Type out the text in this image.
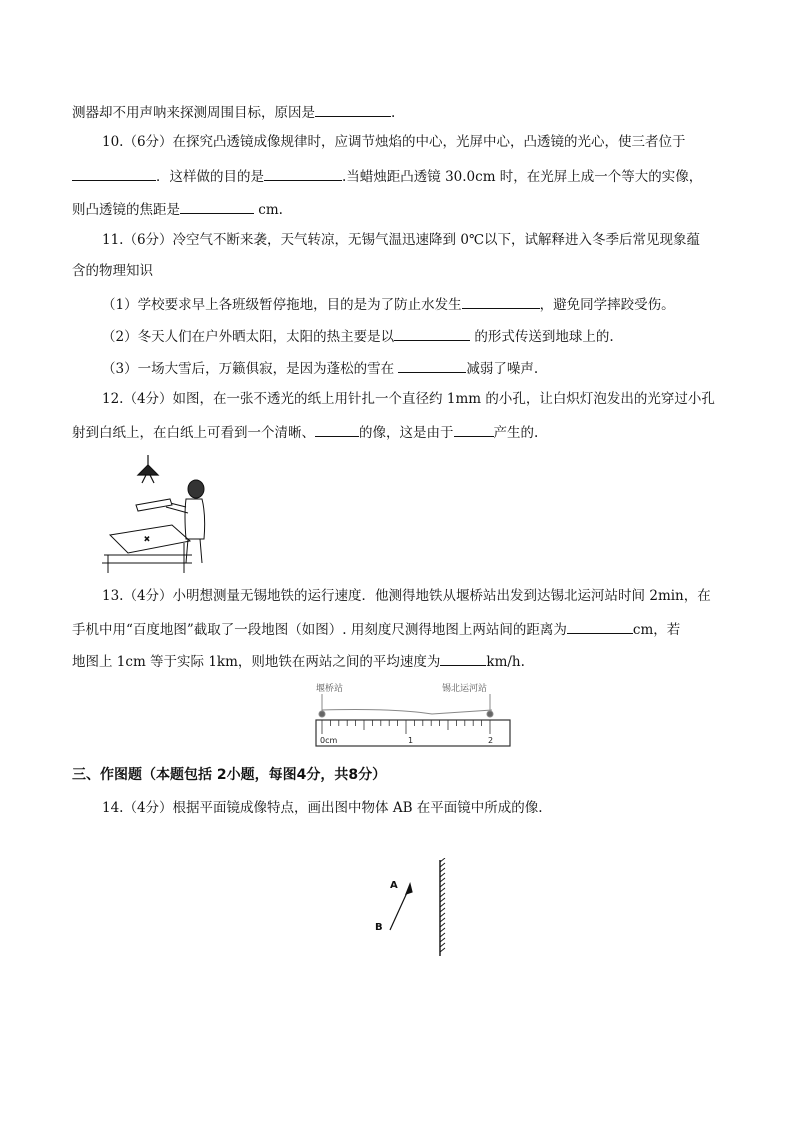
测器却不用声呐来探测周围目标，原因是	.
10.（6分）在探究凸透镜成像规律时，应调节烛焰的中心，光屏中心，凸透镜的光心，使三者位于
．这样做的目的是	.当蜡烛距凸透镜 30.0cm 时，在光屏上成一个等大的实像，
则凸透镜的焦距是	cm.
11.（6分）冷空气不断来袭，天气转凉，无锡气温迅速降到 0℃以下，试解释进入冬季后常见现象蕴
含的物理知识
（1）学校要求早上各班级暂停拖地，目的是为了防止水发生	，避免同学摔跤受伤。
（2）冬天人们在户外晒太阳，太阳的热主要是以	的形式传送到地球上的.
（3）一场大雪后，万籁俱寂，是因为蓬松的雪在	减弱了噪声.
12.（4分）如图，在一张不透光的纸上用针扎一个直径约 1mm 的小孔，让白炽灯泡发出的光穿过小孔
射到白纸上，在白纸上可看到一个清晰、	的像，这是由于	产生的.
×
13.（4分）小明想测量无锡地铁的运行速度．他测得地铁从堰桥站出发到达锡北运河站时间 2min，在
手机中用“百度地图”截取了一段地图（如图）. 用刻度尺测得地图上两站间的距离为	cm，若
地图上 1cm 等于实际 1km，则地铁在两站之间的平均速度为	km/h.
堰桥站	锡北运河站
0cm	1	2
三、作图题（本题包括 2小题，每图4分，共8分）
14.（4分）根据平面镜成像特点，画出图中物体 AB 在平面镜中所成的像.
A
B
